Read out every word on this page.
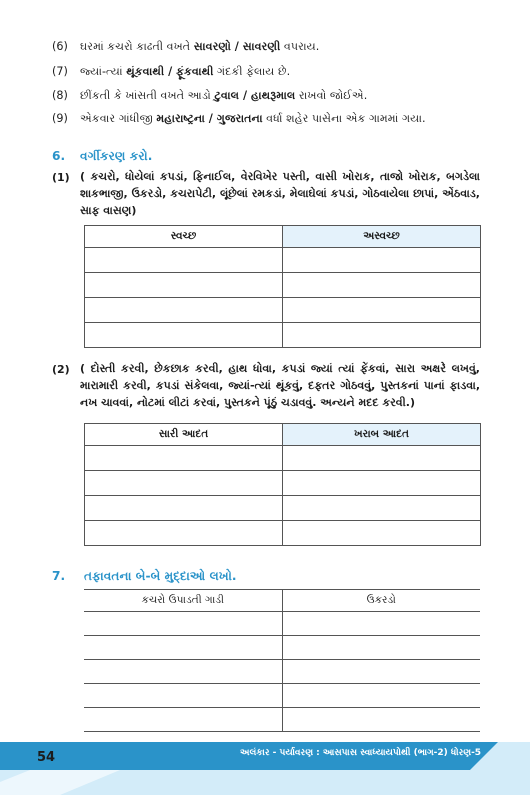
(6) ઘરમાં કચરો કાઢતી વખતે સાવરણો / સાવરણી વપરાય.
(7) જ્યાં-ત્યાં થૂંકવાથી / ફૂંકવાથી ગંદકી ફેલાય છે.
(8) છીંકતી કે ખાંસતી વખતે આડો ટુવાલ / હાથરૂમાલ રાખવો જોઈએ.
(9) એકવાર ગાંધીજી મહારાષ્ટ્રના / ગુજરાતના વર્ધા શહેર પાસેના એક ગામમાં ગયા.
6. વર્ગીકરણ કરો.
(1) ( કચરો, ધોયેલાં કપડાં, ફિનાઈલ, વેરવિખેર પસ્તી, વાસી ખોરાક, તાજો ખોરાક, બગડેલા શાકભાજી, ઉકરડો, કચરાપેટી, લૂંછેલાં રમકડાં, મેલાઘેલાં કપડાં, ગોઠવાયેલા છાપાં, એંઠવાડ, સાફ વાસણ)
સ્વચ્છ	અસ્વચ્છ

(2) ( દોસ્તી કરવી, છેકછાક કરવી, હાથ ધોવા, કપડાં જ્યાં ત્યાં ફેંકવાં, સારા અક્ષરે લખવું, મારામારી કરવી, કપડાં સંકેલવા, જ્યાં-ત્યાં થૂંકવું, દફતર ગોઠવવું, પુસ્તકનાં પાનાં ફાડવા, નખ ચાવવાં, નોટમાં લીટાં કરવાં, પુસ્તકને પૂંઠું ચડાવવું. અન્યને મદદ કરવી.)
સારી આદત	ખરાબ આદત

7. તફાવતના બે-બે મુદ્દાઓ લખો.
કચરો ઉપાડતી ગાડી	ઉકરડો

54	અલંકાર - પર્યાવરણ : આસપાસ સ્વાધ્યાયપોથી (ભાગ-2) ધોરણ-5
